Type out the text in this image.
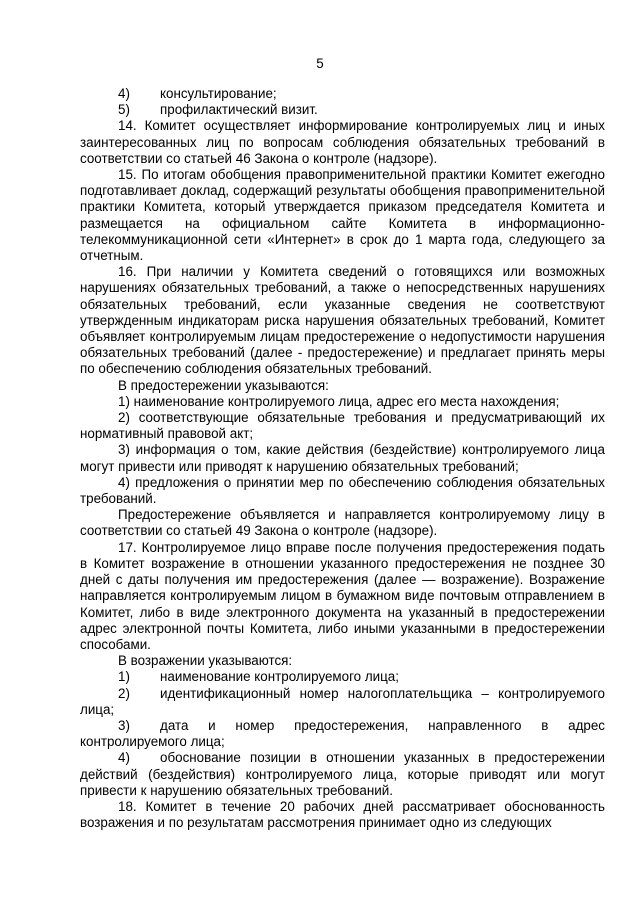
5

4) консультирование;

5) профилактический визит.

14. Комитет осуществляет информирование контролируемых лиц и иных заинтересованных лиц по вопросам соблюдения обязательных требований в соответствии со статьей 46 Закона о контроле (надзоре).

15. По итогам обобщения правоприменительной практики Комитет ежегодно подготавливает доклад, содержащий результаты обобщения правоприменительной практики Комитета, который утверждается приказом председателя Комитета и размещается на официальном сайте Комитета в информационно-телекоммуникационной сети «Интернет» в срок до 1 марта года, следующего за отчетным.

16. При наличии у Комитета сведений о готовящихся или возможных нарушениях обязательных требований, а также о непосредственных нарушениях обязательных требований, если указанные сведения не соответствуют утвержденным индикаторам риска нарушения обязательных требований, Комитет объявляет контролируемым лицам предостережение о недопустимости нарушения обязательных требований (далее - предостережение) и предлагает принять меры по обеспечению соблюдения обязательных требований.

В предостережении указываются:

1) наименование контролируемого лица, адрес его места нахождения;

2) соответствующие обязательные требования и предусматривающий их нормативный правовой акт;

3) информация о том, какие действия (бездействие) контролируемого лица могут привести или приводят к нарушению обязательных требований;

4) предложения о принятии мер по обеспечению соблюдения обязательных требований.

Предостережение объявляется и направляется контролируемому лицу в соответствии со статьей 49 Закона о контроле (надзоре).

17. Контролируемое лицо вправе после получения предостережения подать в Комитет возражение в отношении указанного предостережения не позднее 30 дней с даты получения им предостережения (далее — возражение). Возражение направляется контролируемым лицом в бумажном виде почтовым отправлением в Комитет, либо в виде электронного документа на указанный в предостережении адрес электронной почты Комитета, либо иными указанными в предостережении способами.

В возражении указываются:

1) наименование контролируемого лица;

2) идентификационный номер налогоплательщика – контролируемого лица;

3) дата и номер предостережения, направленного в адрес контролируемого лица;

4) обоснование позиции в отношении указанных в предостережении действий (бездействия) контролируемого лица, которые приводят или могут привести к нарушению обязательных требований.

18. Комитет в течение 20 рабочих дней рассматривает обоснованность возражения и по результатам рассмотрения принимает одно из следующих
